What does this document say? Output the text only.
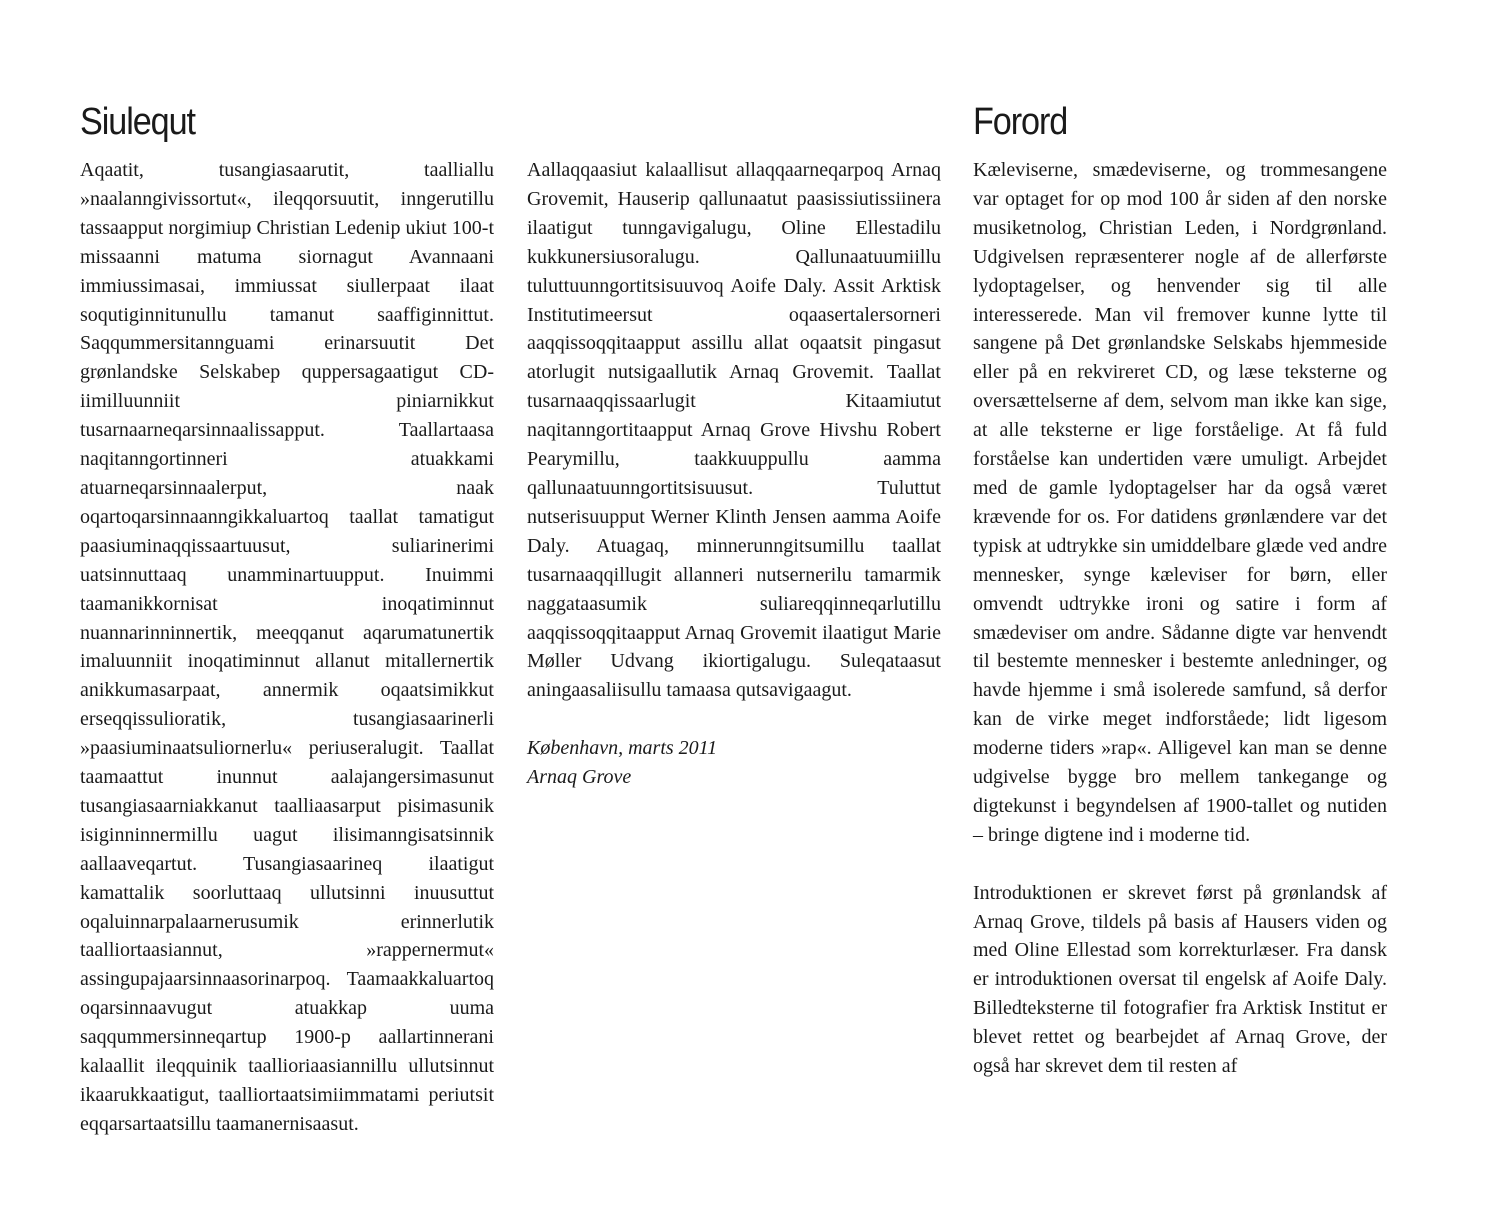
Siulequt

Aqaatit, tusangiasaarutit, taalliallu »naalanngivissortut«, ileqqorsuutit, inngerutillu tassaapput norgimiup Christian Ledenip ukiut 100-t missaanni matuma siornagut Avannaani immiussimasai, immiussat siullerpaat ilaat soqutiginnitunullu tamanut saaffiginnittut. Saqqummersitannguami erinarsuutit Det grønlandske Selskabep quppersagaatigut CD-iimilluunniit piniarnikkut tusarnaarneqarsinnaalissapput. Taallartaasa naqitanngortinneri atuakkami atuarneqarsinnaalerput, naak oqartoqarsinnaanngikkaluartoq taallat tamatigut paasiuminaqqissaartuusut, suliarinerimi uatsinnuttaaq unamminartuupput. Inuimmi taamanikkornisat inoqatiminnut nuannarinninnertik, meeqqanut aqarumatunertik imaluunniit inoqatiminnut allanut mitallernertik anikkumasarpaat, annermik oqaatsimikkut erseqqissulioratik, tusangiasaarinerli »paasiuminaatsuliornerlu« periuseralugit. Taallat taamaattut inunnut aalajangersimasunut tusangiasaarniakkanut taalliaasarput pisimasunik isiginninnermillu uagut ilisimanngisatsinnik aallaaveqartut. Tusangiasaarineq ilaatigut kamattalik soorluttaaq ullutsinni inuusuttut oqaluinnarpalaarnerusumik erinnerlutik taalliortaasiannut, »rappernermut« assingupajaarsinnaasorinarpoq. Taamaakkaluartoq oqarsinnaavugut atuakkap uuma saqqummersinneqartup 1900-p aallartinnerani kalaallit ileqquinik taallioriaasiannillu ullutsinnut ikaarukkaatigut, taalliortaatsimiimmatami periutsit eqqarsartaatsillu taamanernisaasut.

Aallaqqaasiut kalaallisut allaqqaarneqarpoq Arnaq Grovemit, Hauserip qallunaatut paasissiutissiinera ilaatigut tunngavigalugu, Oline Ellestadilu kukkunersiusoralugu. Qallunaatuumiillu tuluttuunngortitsisuuvoq Aoife Daly. Assit Arktisk Institutimeersut oqaasertalersorneri aaqqissoqqitaapput assillu allat oqaatsit pingasut atorlugit nutsigaallutik Arnaq Grovemit. Taallat tusarnaaqqissaarlugit Kitaamiutut naqitanngortitaapput Arnaq Grove Hivshu Robert Pearymillu, taakkuuppullu aamma qallunaatuunngortitsisuusut. Tuluttut nutserisuupput Werner Klinth Jensen aamma Aoife Daly. Atuagaq, minnerunngitsumillu taallat tusarnaaqqillugit allanneri nutsernerilu tamarmik naggataasumik suliareqqinneqarlutillu aaqqissoqqitaapput Arnaq Grovemit ilaatigut Marie Møller Udvang ikiortigalugu. Suleqataasut aningaasaliisullu tamaasa qutsavigaagut.

København, marts 2011

Arnaq Grove

Forord

Kæleviserne, smædeviserne, og trommesangene var optaget for op mod 100 år siden af den norske musiketnolog, Christian Leden, i Nordgrønland. Udgivelsen repræsenterer nogle af de allerførste lydoptagelser, og henvender sig til alle interesserede. Man vil fremover kunne lytte til sangene på Det grønlandske Selskabs hjemmeside eller på en rekvireret CD, og læse teksterne og oversættelserne af dem, selvom man ikke kan sige, at alle teksterne er lige forståelige. At få fuld forståelse kan undertiden være umuligt. Arbejdet med de gamle lydoptagelser har da også været krævende for os. For datidens grønlændere var det typisk at udtrykke sin umiddelbare glæde ved andre mennesker, synge kæleviser for børn, eller omvendt udtrykke ironi og satire i form af smædeviser om andre. Sådanne digte var henvendt til bestemte mennesker i bestemte anledninger, og havde hjemme i små isolerede samfund, så derfor kan de virke meget indforståede; lidt ligesom moderne tiders »rap«. Alligevel kan man se denne udgivelse bygge bro mellem tankegange og digtekunst i begyndelsen af 1900-tallet og nutiden – bringe digtene ind i moderne tid.

Introduktionen er skrevet først på grønlandsk af Arnaq Grove, tildels på basis af Hausers viden og med Oline Ellestad som korrekturlæser. Fra dansk er introduktionen oversat til engelsk af Aoife Daly. Billedteksterne til fotografier fra Arktisk Institut er blevet rettet og bearbejdet af Arnaq Grove, der også har skrevet dem til resten af
